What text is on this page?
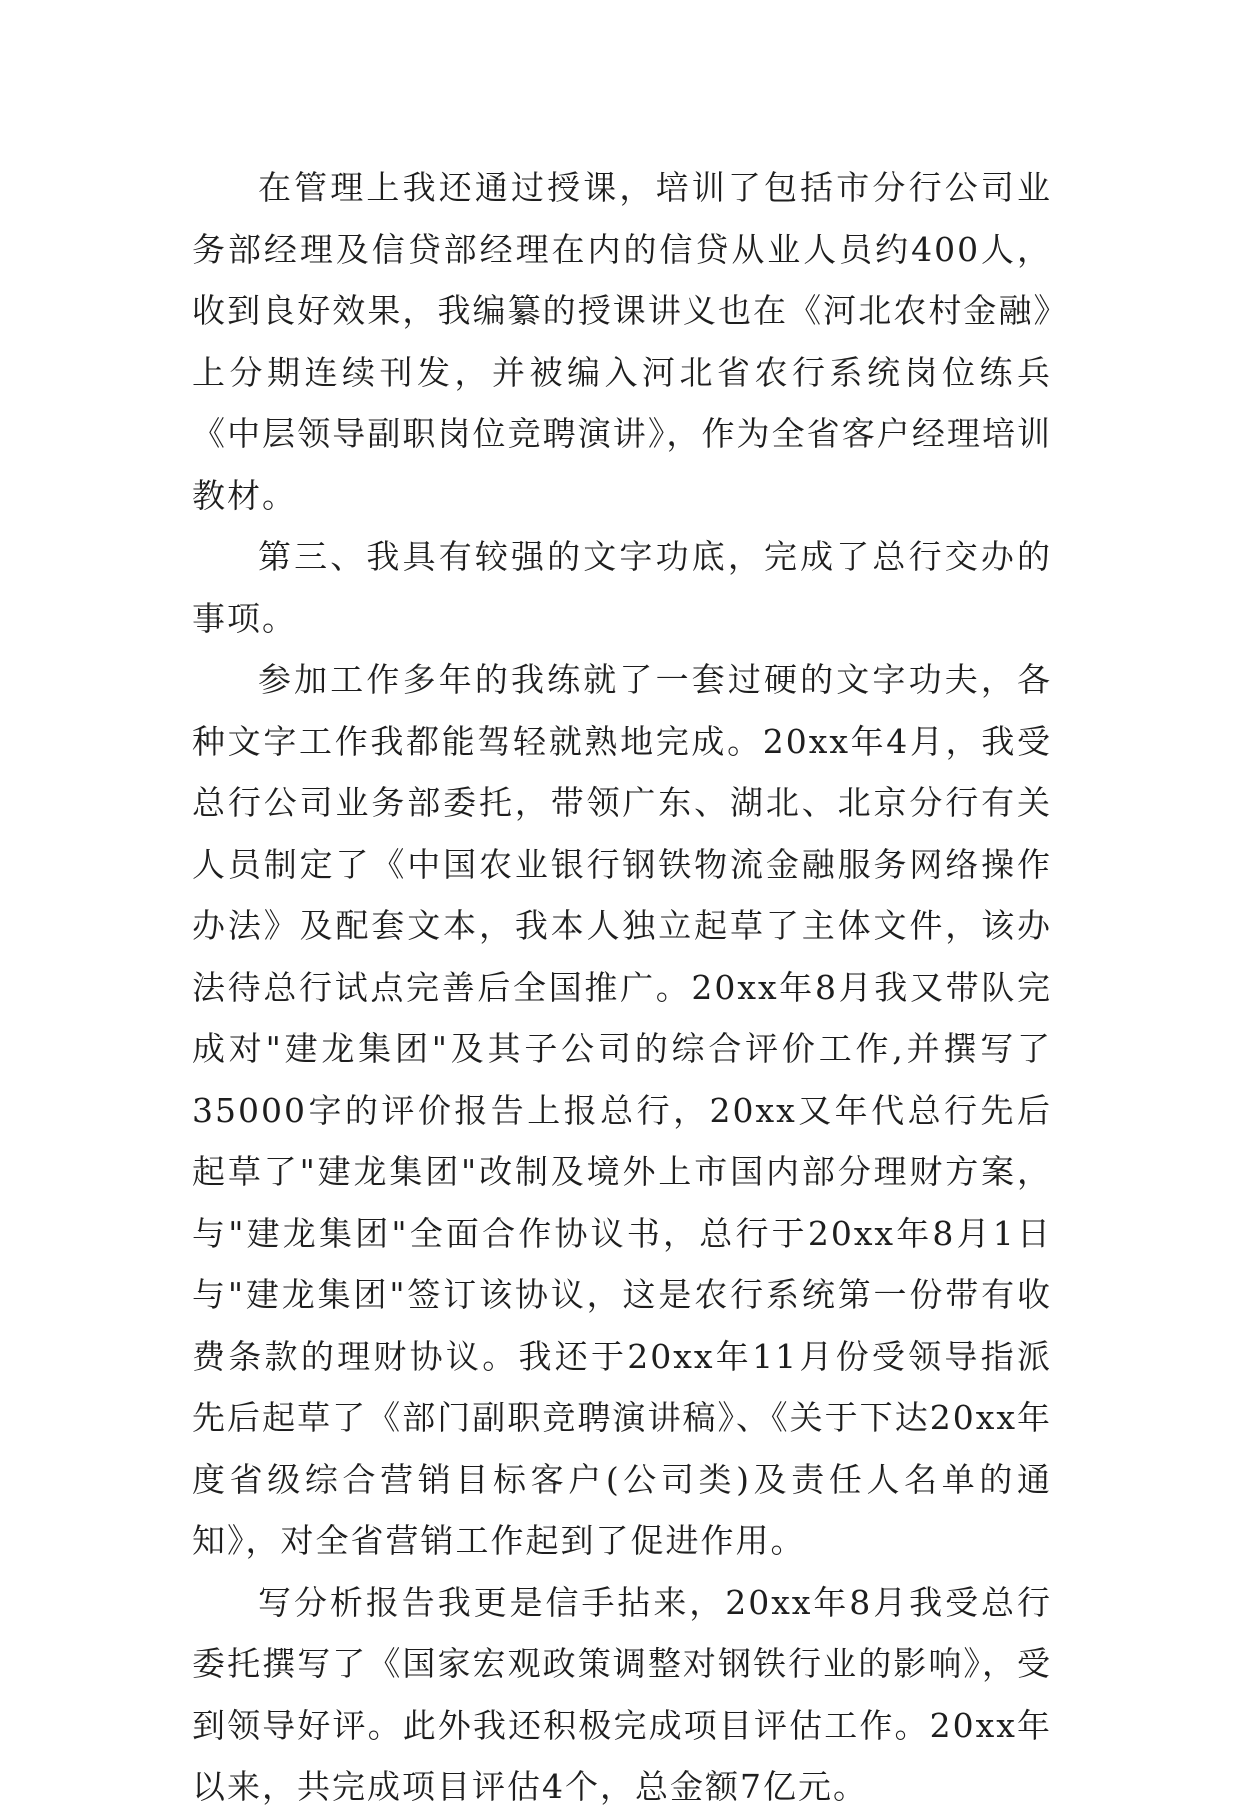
在管理上我还通过授课，培训了包括市分行公司业务部经理及信贷部经理在内的信贷从业人员约400人，收到良好效果，我编纂的授课讲义也在《河北农村金融》上分期连续刊发，并被编入河北省农行系统岗位练兵《中层领导副职岗位竞聘演讲》，作为全省客户经理培训教材。

第三、我具有较强的文字功底，完成了总行交办的事项。

参加工作多年的我练就了一套过硬的文字功夫，各种文字工作我都能驾轻就熟地完成。20xx年4月，我受总行公司业务部委托，带领广东、湖北、北京分行有关人员制定了《中国农业银行钢铁物流金融服务网络操作办法》及配套文本，我本人独立起草了主体文件，该办法待总行试点完善后全国推广。20xx年8月我又带队完成对"建龙集团"及其子公司的综合评价工作,并撰写了35000字的评价报告上报总行，20xx又年代总行先后起草了"建龙集团"改制及境外上市国内部分理财方案，与"建龙集团"全面合作协议书，总行于20xx年8月1日与"建龙集团"签订该协议，这是农行系统第一份带有收费条款的理财协议。我还于20xx年11月份受领导指派先后起草了《部门副职竞聘演讲稿》、《关于下达20xx年度省级综合营销目标客户(公司类)及责任人名单的通知》，对全省营销工作起到了促进作用。

写分析报告我更是信手拈来，20xx年8月我受总行委托撰写了《国家宏观政策调整对钢铁行业的影响》，受到领导好评。此外我还积极完成项目评估工作。20xx年以来，共完成项目评估4个，总金额7亿元。
